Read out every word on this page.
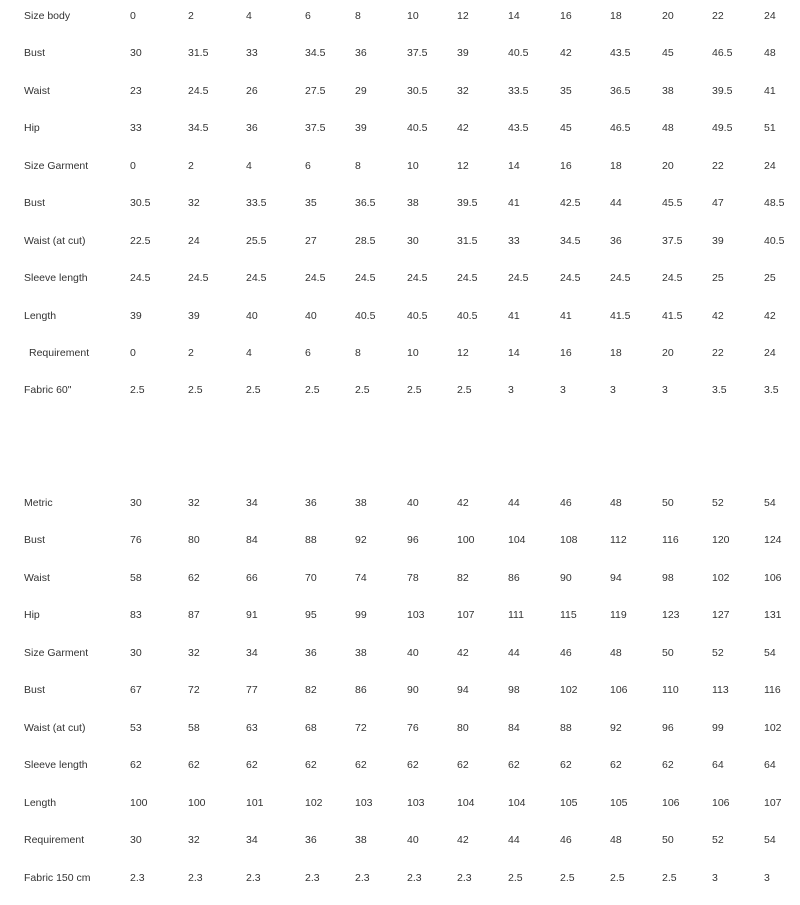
Size body	0	2	4	6	8	10	12	14	16	18	20	22	24
Bust	30	31.5	33	34.5	36	37.5	39	40.5	42	43.5	45	46.5	48
Waist	23	24.5	26	27.5	29	30.5	32	33.5	35	36.5	38	39.5	41
Hip	33	34.5	36	37.5	39	40.5	42	43.5	45	46.5	48	49.5	51
Size Garment	0	2	4	6	8	10	12	14	16	18	20	22	24
Bust	30.5	32	33.5	35	36.5	38	39.5	41	42.5	44	45.5	47	48.5
Waist (at cut)	22.5	24	25.5	27	28.5	30	31.5	33	34.5	36	37.5	39	40.5
Sleeve length	24.5	24.5	24.5	24.5	24.5	24.5	24.5	24.5	24.5	24.5	24.5	25	25
Length	39	39	40	40	40.5	40.5	40.5	41	41	41.5	41.5	42	42
Requirement	0	2	4	6	8	10	12	14	16	18	20	22	24
Fabric 60"	2.5	2.5	2.5	2.5	2.5	2.5	2.5	3	3	3	3	3.5	3.5
Metric	30	32	34	36	38	40	42	44	46	48	50	52	54
Bust	76	80	84	88	92	96	100	104	108	112	116	120	124
Waist	58	62	66	70	74	78	82	86	90	94	98	102	106
Hip	83	87	91	95	99	103	107	111	115	119	123	127	131
Size Garment	30	32	34	36	38	40	42	44	46	48	50	52	54
Bust	67	72	77	82	86	90	94	98	102	106	110	113	116
Waist (at cut)	53	58	63	68	72	76	80	84	88	92	96	99	102
Sleeve length	62	62	62	62	62	62	62	62	62	62	62	64	64
Length	100	100	101	102	103	103	104	104	105	105	106	106	107
Requirement	30	32	34	36	38	40	42	44	46	48	50	52	54
Fabric 150 cm	2.3	2.3	2.3	2.3	2.3	2.3	2.3	2.5	2.5	2.5	2.5	3	3
